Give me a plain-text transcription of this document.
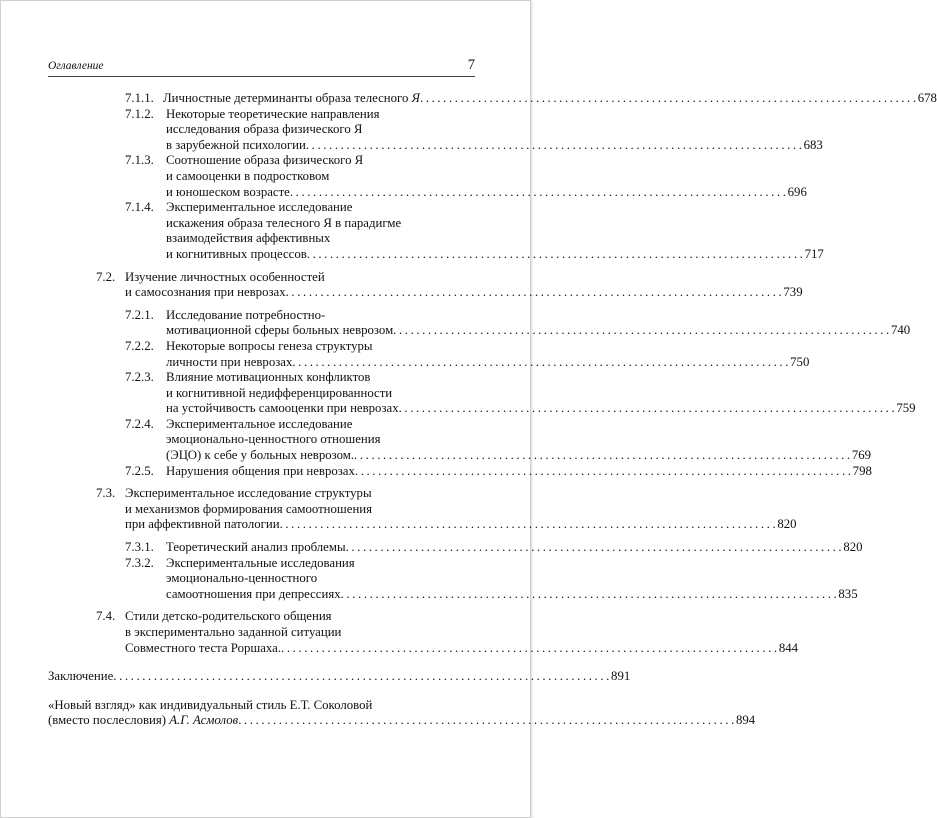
Оглавление	7
7.1.1. Личностные детерминанты образа телесного Я . . .	678
7.1.2. Некоторые теоретические направления
исследования образа физического Я
в зарубежной психологии . . .	683
7.1.3. Соотношение образа физического Я
и самооценки в подростковом
и юношеском возрасте . . .	696
7.1.4. Экспериментальное исследование
искажения образа телесного Я в парадигме
взаимодействия аффективных
и когнитивных процессов . . .	717
7.2. Изучение личностных особенностей
и самосознания при неврозах . . .	739
7.2.1. Исследование потребностно-
мотивационной сферы больных неврозом . . .	740
7.2.2. Некоторые вопросы генеза структуры
личности при неврозах . . .	750
7.2.3. Влияние мотивационных конфликтов
и когнитивной недифференцированности
на устойчивость самооценки при неврозах . . .	759
7.2.4. Экспериментальное исследование
эмоционально-ценностного отношения
(ЭЦО) к себе у больных неврозом. . . .	769
7.2.5. Нарушения общения при неврозах . . .	798
7.3. Экспериментальное исследование структуры
и механизмов формирования самоотношения
при аффективной патологии . . .	820
7.3.1. Теоретический анализ проблемы . . .	820
7.3.2. Экспериментальные исследования
эмоционально-ценностного
самоотношения при депрессиях . . .	835
7.4. Стили детско-родительского общения
в экспериментально заданной ситуации
Совместного теста Роршаха. . . .	844
Заключение . . .	891
«Новый взгляд» как индивидуальный стиль Е.Т. Соколовой
(вместо послесловия) А.Г. Асмолов . . .	894
